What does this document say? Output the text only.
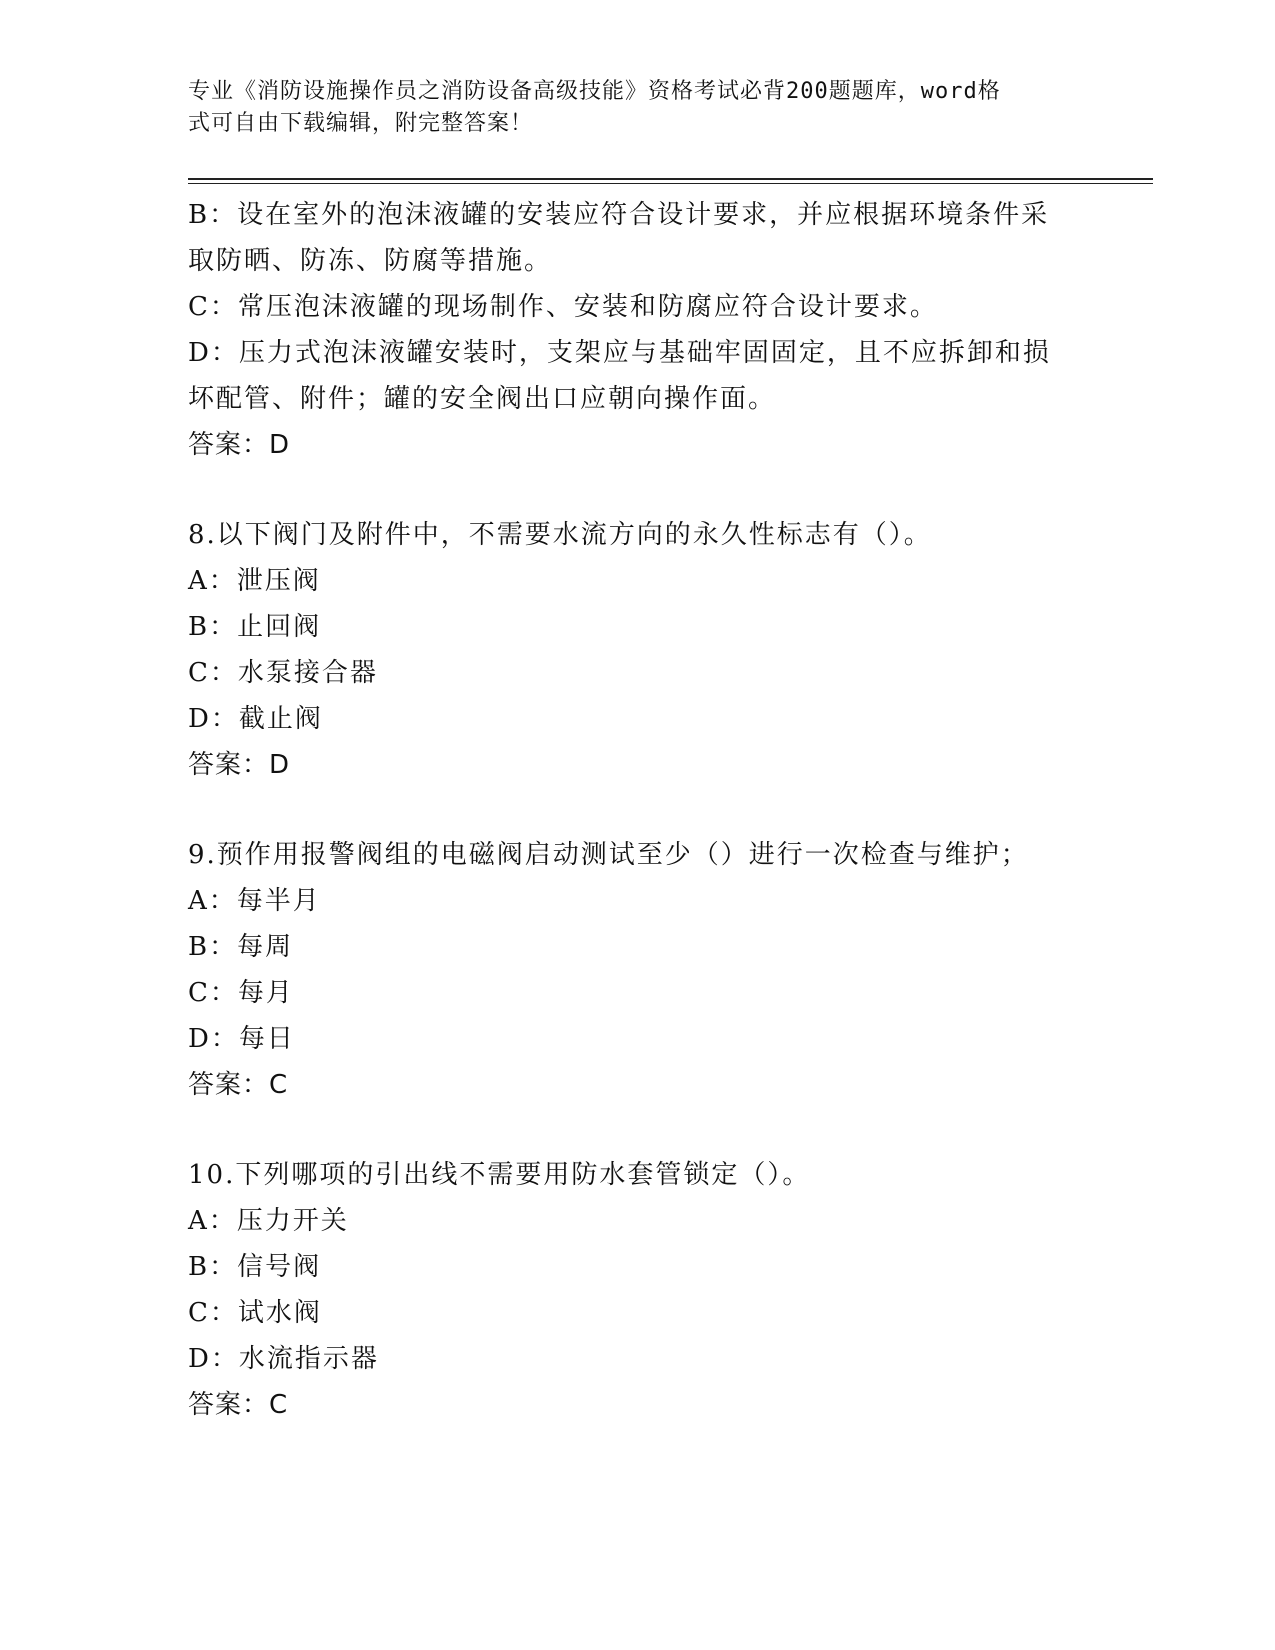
专业《消防设施操作员之消防设备高级技能》资格考试必背200题题库，word格
式可自由下载编辑，附完整答案！
B：设在室外的泡沫液罐的安装应符合设计要求，并应根据环境条件采
取防晒、防冻、防腐等措施。
C：常压泡沫液罐的现场制作、安装和防腐应符合设计要求。
D：压力式泡沫液罐安装时，支架应与基础牢固固定，且不应拆卸和损
坏配管、附件；罐的安全阀出口应朝向操作面。
答案：D
8.以下阀门及附件中，不需要水流方向的永久性标志有（）。
A：泄压阀
B：止回阀
C：水泵接合器
D：截止阀
答案：D
9.预作用报警阀组的电磁阀启动测试至少（）进行一次检查与维护；
A：每半月
B：每周
C：每月
D：每日
答案：C
10.下列哪项的引出线不需要用防水套管锁定（）。
A：压力开关
B：信号阀
C：试水阀
D：水流指示器
答案：C
